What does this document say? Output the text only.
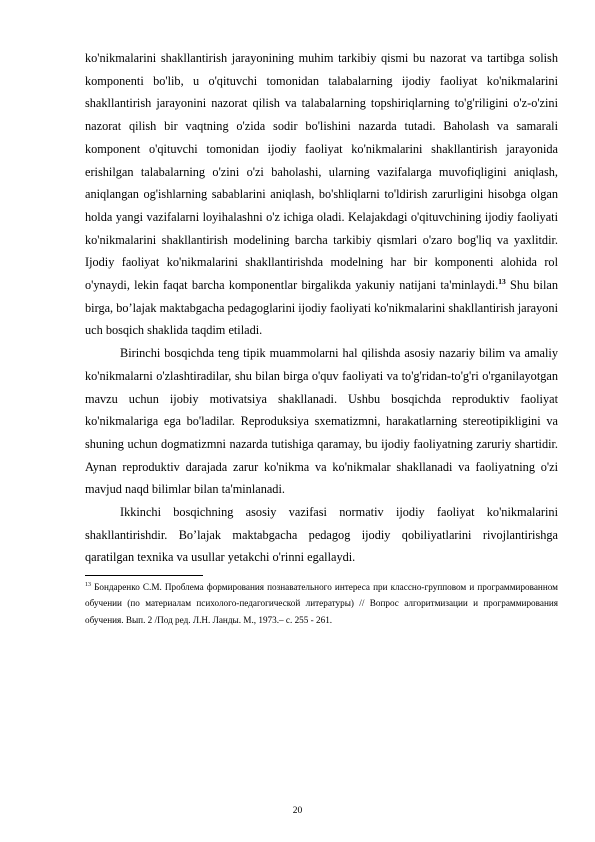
ko'nikmalarini shakllantirish jarayonining muhim tarkibiy qismi bu nazorat va tartibga solish komponenti bo'lib, u o'qituvchi tomonidan talabalarning ijodiy faoliyat ko'nikmalarini shakllantirish jarayonini nazorat qilish va talabalarning topshiriqlarning to'g'riligini o'z-o'zini nazorat qilish bir vaqtning o'zida sodir bo'lishini nazarda tutadi. Baholash va samarali komponent o'qituvchi tomonidan ijodiy faoliyat ko'nikmalarini shakllantirish jarayonida erishilgan talabalarning o'zini o'zi baholashi, ularning vazifalarga muvofiqligini aniqlash, aniqlangan og'ishlarning sabablarini aniqlash, bo'shliqlarni to'ldirish zarurligini hisobga olgan holda yangi vazifalarni loyihalashni o'z ichiga oladi. Kelajakdagi o'qituvchining ijodiy faoliyati ko'nikmalarini shakllantirish modelining barcha tarkibiy qismlari o'zaro bog'liq va yaxlitdir. Ijodiy faoliyat ko'nikmalarini shakllantirishda modelning har bir komponenti alohida rol o'ynaydi, lekin faqat barcha komponentlar birgalikda yakuniy natijani ta'minlaydi.$^{13}$ Shu bilan birga, bo’lajak maktabgacha pedagoglarini ijodiy faoliyati ko'nikmalarini shakllantirish jarayoni uch bosqich shaklida taqdim etiladi.

Birinchi bosqichda teng tipik muammolarni hal qilishda asosiy nazariy bilim va amaliy ko'nikmalarni o'zlashtiradilar, shu bilan birga o'quv faoliyati va to'g'ridan-to'g'ri o'rganilayotgan mavzu uchun ijobiy motivatsiya shakllanadi. Ushbu bosqichda reproduktiv faoliyat ko'nikmalariga ega bo'ladilar. Reproduksiya sxematizmni, harakatlarning stereotipikligini va shuning uchun dogmatizmni nazarda tutishiga qaramay, bu ijodiy faoliyatning zaruriy shartidir. Aynan reproduktiv darajada zarur ko'nikma va ko'nikmalar shakllanadi va faoliyatning o'zi mavjud naqd bilimlar bilan ta'minlanadi.

Ikkinchi bosqichning asosiy vazifasi normativ ijodiy faoliyat ko'nikmalarini shakllantirishdir. Bo’lajak maktabgacha pedagog ijodiy qobiliyatlarini rivojlantirishga qaratilgan texnika va usullar yetakchi o'rinni egallaydi.

$^{13}$ Бондаренко С.М. Проблема формирования познавательного интереса при классно-групповом и программированном обучении (по материалам психолого-педагогической литературы) // Вопрос алгоритмизации и программирования обучения. Вып. 2 /Под ред. Л.Н. Ланды. М., 1973.– с. 255 - 261.

20
